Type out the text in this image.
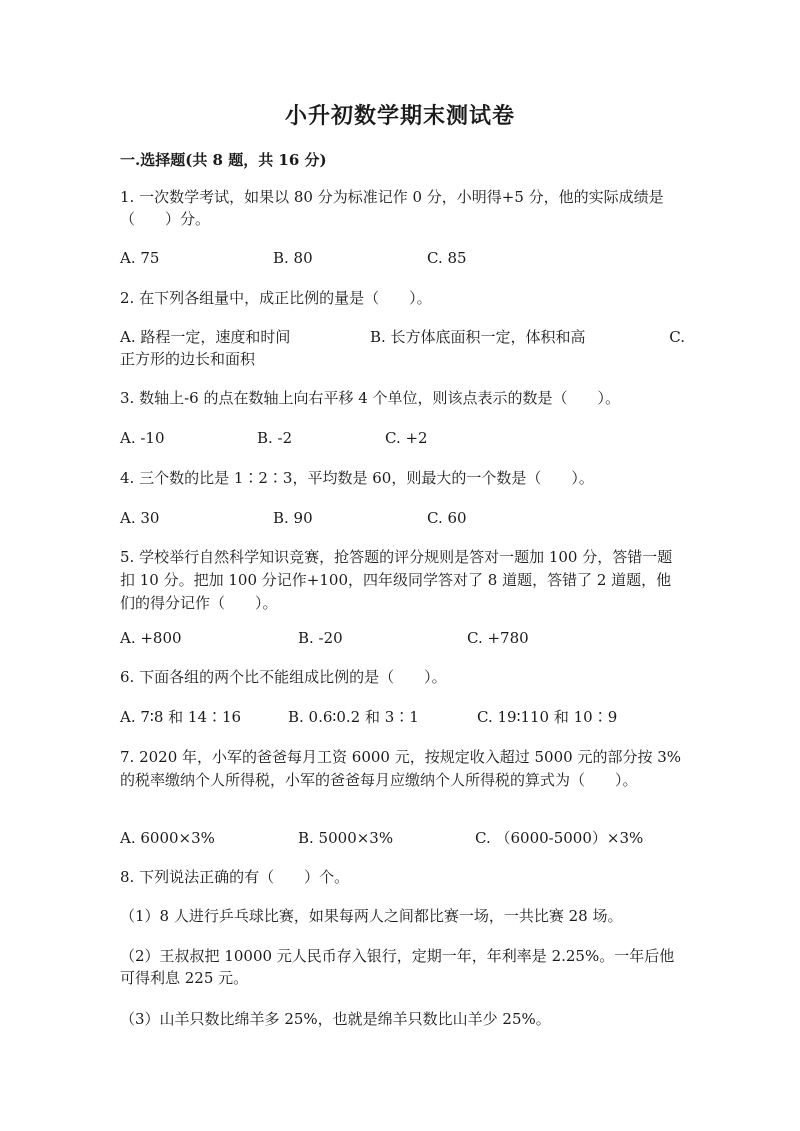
小升初数学期末测试卷
一.选择题(共 8 题，共 16 分)
1. 一次数学考试，如果以 80 分为标准记作 0 分，小明得+5 分，他的实际成绩是（　　）分。
A. 75	B. 80	C. 85
2. 在下列各组量中，成正比例的量是（　　）。
A. 路程一定，速度和时间	B. 长方体底面积一定，体积和高	C.
正方形的边长和面积
3. 数轴上-6 的点在数轴上向右平移 4 个单位，则该点表示的数是（　　）。
A. -10	B. -2	C. +2
4. 三个数的比是 1∶2∶3，平均数是 60，则最大的一个数是（　　）。
A. 30	B. 90	C. 60
5. 学校举行自然科学知识竞赛，抢答题的评分规则是答对一题加 100 分，答错一题扣 10 分。把加 100 分记作+100，四年级同学答对了 8 道题，答错了 2 道题，他们的得分记作（　　）。
A. +800	B. -20	C. +780
6. 下面各组的两个比不能组成比例的是（　　）。
A. 7∶8 和 14∶16	B. 0.6∶0.2 和 3∶1	C. 19∶110 和 10∶9
7. 2020 年，小军的爸爸每月工资 6000 元，按规定收入超过 5000 元的部分按 3%的税率缴纳个人所得税，小军的爸爸每月应缴纳个人所得税的算式为（　　）。
A. 6000×3%	B. 5000×3%	C. （6000-5000）×3%
8. 下列说法正确的有（　　）个。
（1）8 人进行乒乓球比赛，如果每两人之间都比赛一场，一共比赛 28 场。
（2）王叔叔把 10000 元人民币存入银行，定期一年，年利率是 2.25%。一年后他可得利息 225 元。
（3）山羊只数比绵羊多 25%，也就是绵羊只数比山羊少 25%。
